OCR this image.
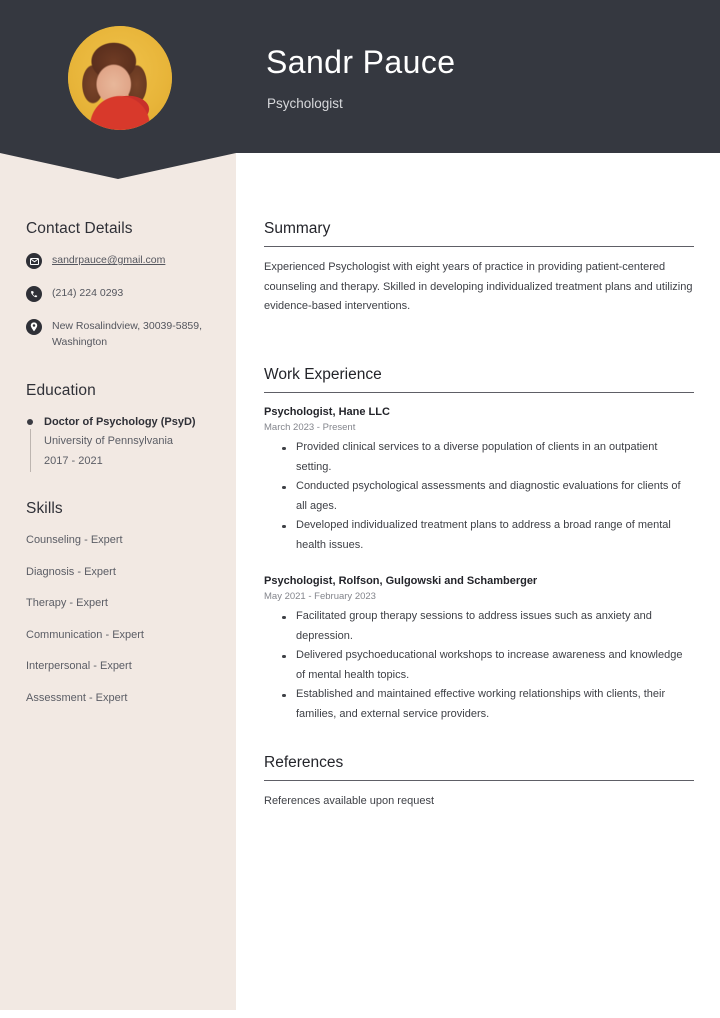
Sandr Pauce
Psychologist
Contact Details
sandrpauce@gmail.com
(214) 224 0293
New Rosalindview, 30039-5859, Washington
Education
Doctor of Psychology (PsyD)
University of Pennsylvania
2017 - 2021
Skills
Counseling - Expert
Diagnosis - Expert
Therapy - Expert
Communication - Expert
Interpersonal - Expert
Assessment - Expert
Summary

Experienced Psychologist with eight years of practice in providing patient-centered counseling and therapy. Skilled in developing individualized treatment plans and utilizing evidence-based interventions.

Work Experience

Psychologist, Hane LLC

March 2023 - Present

Provided clinical services to a diverse population of clients in an outpatient setting.
Conducted psychological assessments and diagnostic evaluations for clients of all ages.
Developed individualized treatment plans to address a broad range of mental health issues.

Psychologist, Rolfson, Gulgowski and Schamberger

May 2021 - February 2023

Facilitated group therapy sessions to address issues such as anxiety and depression.
Delivered psychoeducational workshops to increase awareness and knowledge of mental health topics.
Established and maintained effective working relationships with clients, their families, and external service providers.
References

References available upon request
